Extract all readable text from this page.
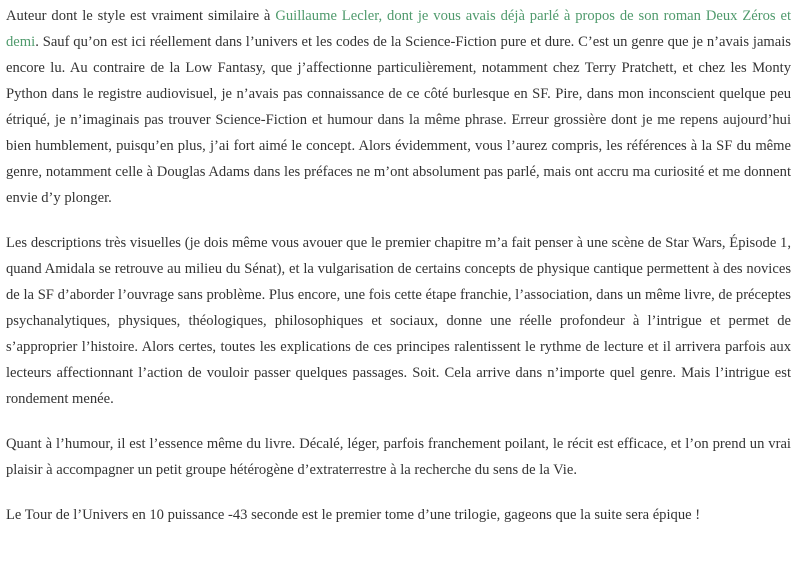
Auteur dont le style est vraiment similaire à Guillaume Lecler, dont je vous avais déjà parlé à propos de son roman Deux Zéros et demi. Sauf qu’on est ici réellement dans l’univers et les codes de la Science-Fiction pure et dure. C’est un genre que je n’avais jamais encore lu. Au contraire de la Low Fantasy, que j’affectionne particulièrement, notamment chez Terry Pratchett, et chez les Monty Python dans le registre audiovisuel, je n’avais pas connaissance de ce côté burlesque en SF. Pire, dans mon inconscient quelque peu étriqué, je n’imaginais pas trouver Science-Fiction et humour dans la même phrase. Erreur grossière dont je me repens aujourd’hui bien humblement, puisqu’en plus, j’ai fort aimé le concept. Alors évidemment, vous l’aurez compris, les références à la SF du même genre, notamment celle à Douglas Adams dans les préfaces ne m’ont absolument pas parlé, mais ont accru ma curiosité et me donnent envie d’y plonger.

Les descriptions très visuelles (je dois même vous avouer que le premier chapitre m’a fait penser à une scène de Star Wars, Épisode 1, quand Amidala se retrouve au milieu du Sénat), et la vulgarisation de certains concepts de physique cantique permettent à des novices de la SF d’aborder l’ouvrage sans problème. Plus encore, une fois cette étape franchie, l’association, dans un même livre, de préceptes psychanalytiques, physiques, théologiques, philosophiques et sociaux, donne une réelle profondeur à l’intrigue et permet de s’approprier l’histoire. Alors certes, toutes les explications de ces principes ralentissent le rythme de lecture et il arrivera parfois aux lecteurs affectionnant l’action de vouloir passer quelques passages. Soit. Cela arrive dans n’importe quel genre. Mais l’intrigue est rondement menée.

Quant à l’humour, il est l’essence même du livre. Décalé, léger, parfois franchement poilant, le récit est efficace, et l’on prend un vrai plaisir à accompagner un petit groupe hétérogène d’extraterrestre à la recherche du sens de la Vie.

Le Tour de l’Univers en 10 puissance -43 seconde est le premier tome d’une trilogie, gageons que la suite sera épique !
